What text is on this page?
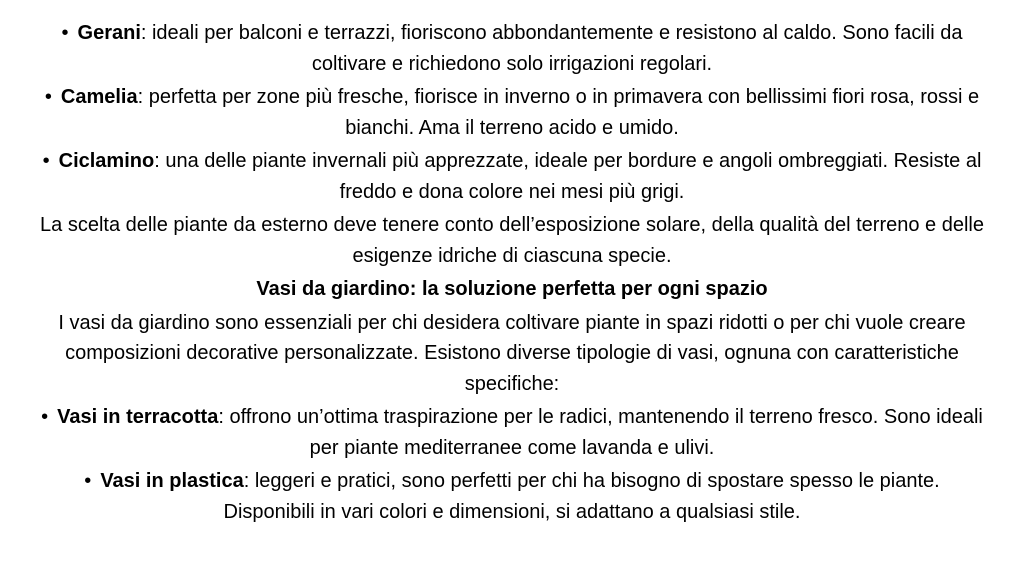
• Gerani: ideali per balconi e terrazzi, fioriscono abbondantemente e resistono al caldo. Sono facili da coltivare e richiedono solo irrigazioni regolari.
• Camelia: perfetta per zone più fresche, fiorisce in inverno o in primavera con bellissimi fiori rosa, rossi e bianchi. Ama il terreno acido e umido.
• Ciclamino: una delle piante invernali più apprezzate, ideale per bordure e angoli ombreggiati. Resiste al freddo e dona colore nei mesi più grigi.
La scelta delle piante da esterno deve tenere conto dell’esposizione solare, della qualità del terreno e delle esigenze idriche di ciascuna specie.
Vasi da giardino: la soluzione perfetta per ogni spazio
I vasi da giardino sono essenziali per chi desidera coltivare piante in spazi ridotti o per chi vuole creare composizioni decorative personalizzate. Esistono diverse tipologie di vasi, ognuna con caratteristiche specifiche:
• Vasi in terracotta: offrono un’ottima traspirazione per le radici, mantenendo il terreno fresco. Sono ideali per piante mediterranee come lavanda e ulivi.
• Vasi in plastica: leggeri e pratici, sono perfetti per chi ha bisogno di spostare spesso le piante. Disponibili in vari colori e dimensioni, si adattano a qualsiasi stile.
